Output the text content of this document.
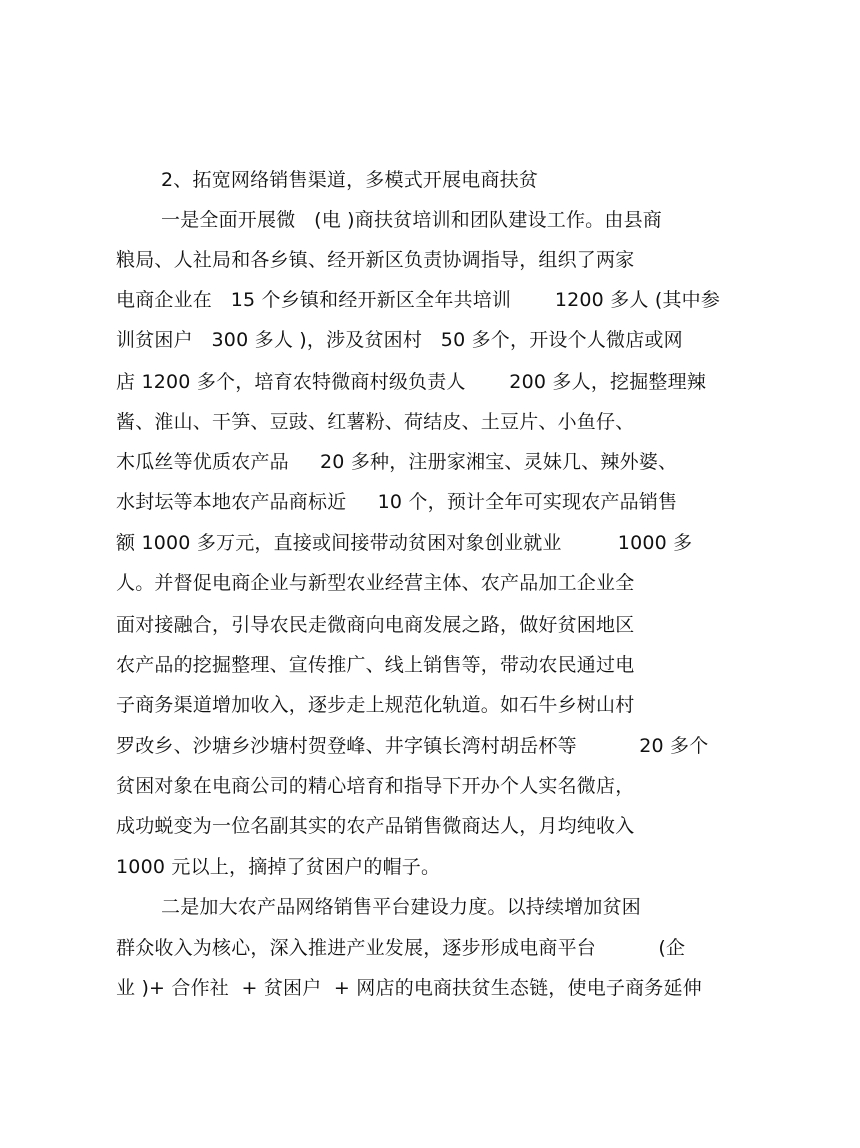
2、拓宽网络销售渠道，多模式开展电商扶贫
一是全面开展微   (电 )商扶贫培训和团队建设工作。由县商
粮局、人社局和各乡镇、经开新区负责协调指导，组织了两家
电商企业在   15 个乡镇和经开新区全年共培训       1200 多人 (其中参
训贫困户   300 多人 )，涉及贫困村   50 多个，开设个人微店或网
店 1200 多个，培育农特微商村级负责人       200 多人，挖掘整理辣
酱、淮山、干笋、豆豉、红薯粉、荷结皮、土豆片、小鱼仔、
木瓜丝等优质农产品     20 多种，注册家湘宝、灵妹几、辣外婆、
水封坛等本地农产品商标近     10 个，预计全年可实现农产品销售
额 1000 多万元，直接或间接带动贫困对象创业就业         1000 多
人。并督促电商企业与新型农业经营主体、农产品加工企业全
面对接融合，引导农民走微商向电商发展之路，做好贫困地区
农产品的挖掘整理、宣传推广、线上销售等，带动农民通过电
子商务渠道增加收入，逐步走上规范化轨道。如石牛乡树山村
罗改乡、沙塘乡沙塘村贺登峰、井字镇长湾村胡岳杯等          20 多个
贫困对象在电商公司的精心培育和指导下开办个人实名微店，
成功蜕变为一位名副其实的农产品销售微商达人，月均纯收入
1000 元以上，摘掉了贫困户的帽子。
二是加大农产品网络销售平台建设力度。以持续增加贫困
群众收入为核心，深入推进产业发展，逐步形成电商平台          (企
业 )+ 合作社  + 贫困户  + 网店的电商扶贫生态链，使电子商务延伸
